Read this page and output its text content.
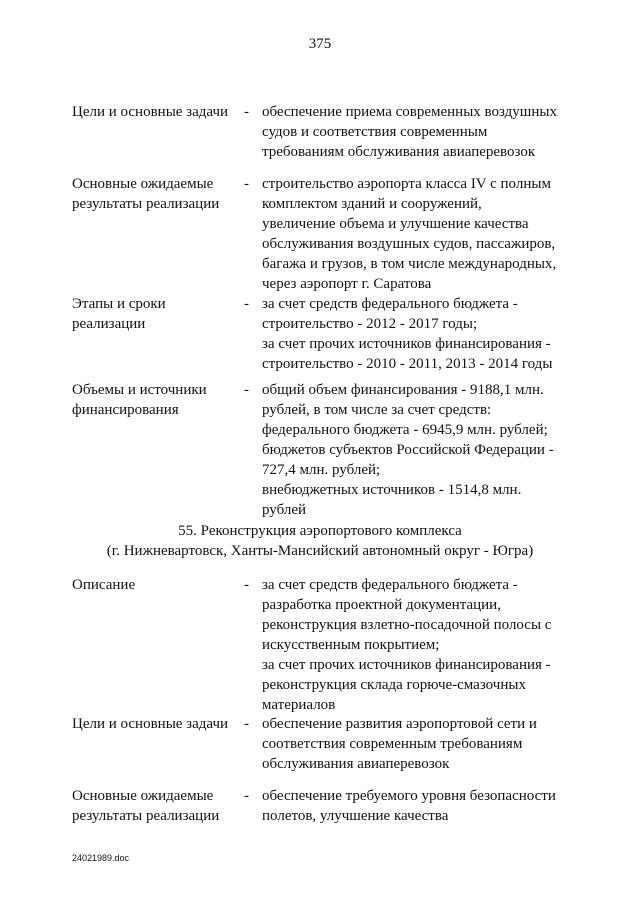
375
Цели и основные задачи - обеспечение приема современных воздушных
судов и соответствия современным
требованиям обслуживания авиаперевозок
Основные ожидаемые
результаты реализации
- строительство аэропорта класса IV с полным
комплектом зданий и сооружений,
увеличение объема и улучшение качества
обслуживания воздушных судов, пассажиров,
багажа и грузов, в том числе международных,
через аэропорт г. Саратова
Этапы и сроки
реализации
- за счет средств федерального бюджета -
строительство - 2012 - 2017 годы;
за счет прочих источников финансирования -
строительство - 2010 - 2011, 2013 - 2014 годы
Объемы и источники
финансирования
- общий объем финансирования - 9188,1 млн.
рублей, в том числе за счет средств:
федерального бюджета - 6945,9 млн. рублей;
бюджетов субъектов Российской Федерации -
727,4 млн. рублей;
внебюджетных источников - 1514,8 млн.
рублей
55. Реконструкция аэропортового комплекса
(г. Нижневартовск, Ханты-Мансийский автономный округ - Югра)
Описание	- за счет средств федерального бюджета -
разработка проектной документации,
реконструкция взлетно-посадочной полосы с
искусственным покрытием;
за счет прочих источников финансирования -
реконструкция склада горюче-смазочных
материалов
Цели и основные задачи - обеспечение развития аэропортовой сети и
соответствия современным требованиям
обслуживания авиаперевозок
Основные ожидаемые
результаты реализации
- обеспечение требуемого уровня безопасности
полетов, улучшение качества
24021989.doc
